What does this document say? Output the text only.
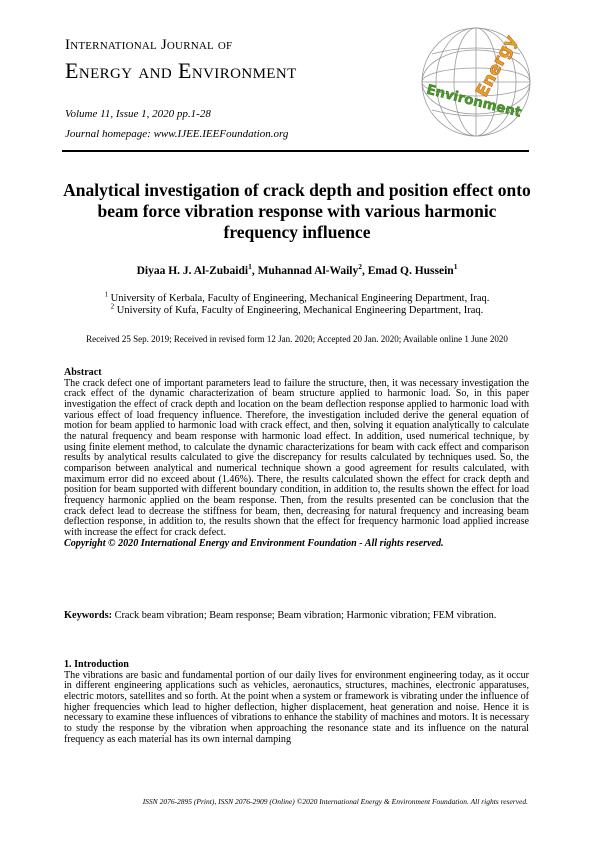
International Journal of
Energy and Environment
Volume 11, Issue 1, 2020 pp.1-28
Journal homepage: www.IJEE.IEEFoundation.org
Energy
Environment
Analytical investigation of crack depth and position effect onto beam force vibration response with various harmonic frequency influence
Diyaa H. J. Al-Zubaidi$^1$, Muhannad Al-Waily$^2$, Emad Q. Hussein$^1$
$^1$ University of Kerbala, Faculty of Engineering, Mechanical Engineering Department, Iraq.
$^2$ University of Kufa, Faculty of Engineering, Mechanical Engineering Department, Iraq.
Received 25 Sep. 2019; Received in revised form 12 Jan. 2020; Accepted 20 Jan. 2020; Available online 1 June 2020
Abstract
The crack defect one of important parameters lead to failure the structure, then, it was necessary investigation the crack effect of the dynamic characterization of beam structure applied to harmonic load. So, in this paper investigation the effect of crack depth and location on the beam deflection response applied to harmonic load with various effect of load frequency influence. Therefore, the investigation included derive the general equation of motion for beam applied to harmonic load with crack effect, and then, solving it equation analytically to calculate the natural frequency and beam response with harmonic load effect. In addition, used numerical technique, by using finite element method, to calculate the dynamic characterizations for beam with cack effect and comparison results by analytical results calculated to give the discrepancy for results calculated by techniques used. So, the comparison between analytical and numerical technique shown a good agreement for results calculated, with maximum error did no exceed about (1.46%). There, the results calculated shown the effect for crack depth and position for beam supported with different boundary condition, in addition to, the results shown the effect for load frequency harmonic applied on the beam response. Then, from the results presented can be conclusion that the crack defect lead to decrease the stiffness for beam, then, decreasing for natural frequency and increasing beam deflection response, in addition to, the results shown that the effect for frequency harmonic load applied increase with increase the effect for crack defect.
Copyright © 2020 International Energy and Environment Foundation - All rights reserved.
Keywords: Crack beam vibration; Beam response; Beam vibration; Harmonic vibration; FEM vibration.
1. Introduction
The vibrations are basic and fundamental portion of our daily lives for environment engineering today, as it occur in different engineering applications such as vehicles, aeronautics, structures, machines, electronic apparatuses, electric motors, satellites and so forth. At the point when a system or framework is vibrating under the influence of higher frequencies which lead to higher deflection, higher displacement, heat generation and noise. Hence it is necessary to examine these influences of vibrations to enhance the stability of machines and motors. It is necessary to study the response by the vibration when approaching the resonance state and its influence on the natural frequency as each material has its own internal damping
ISSN 2076-2895 (Print), ISSN 2076-2909 (Online) ©2020 International Energy & Environment Foundation. All rights reserved.
